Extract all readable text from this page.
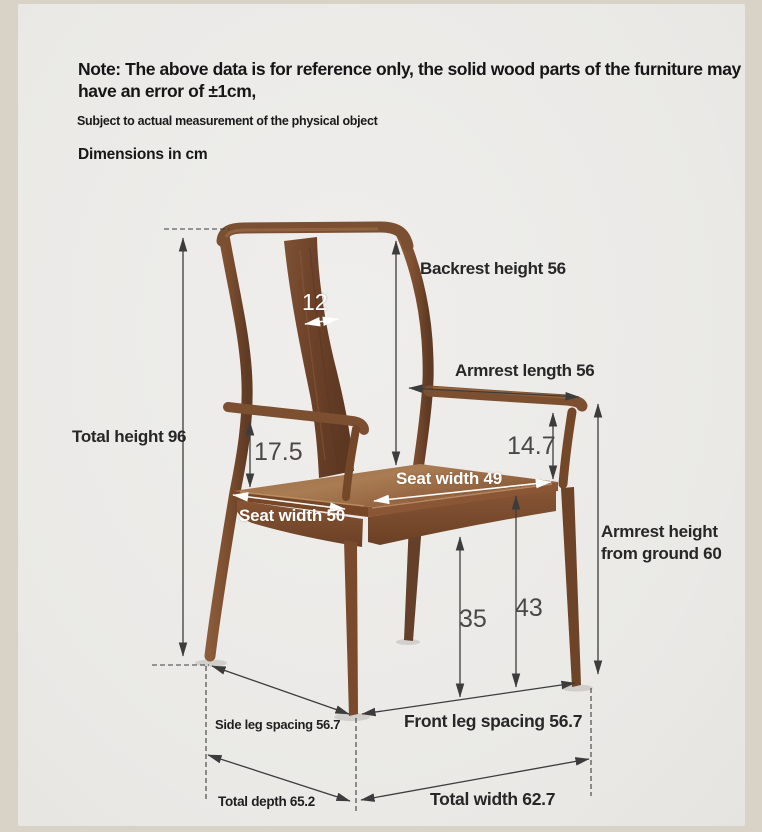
Note: The above data is for reference only, the solid wood parts of the furniture may have an error of ±1cm,
Subject to actual measurement of the physical object
Dimensions in cm
Total height 96
Backrest height 56
Armrest length 56
12
17.5	14.7
Seat width 49
Seat width 50
Armrest height from ground 60
35 43
Side leg spacing 56.7	Front leg spacing 56.7
Total depth 65.2	Total width 62.7
